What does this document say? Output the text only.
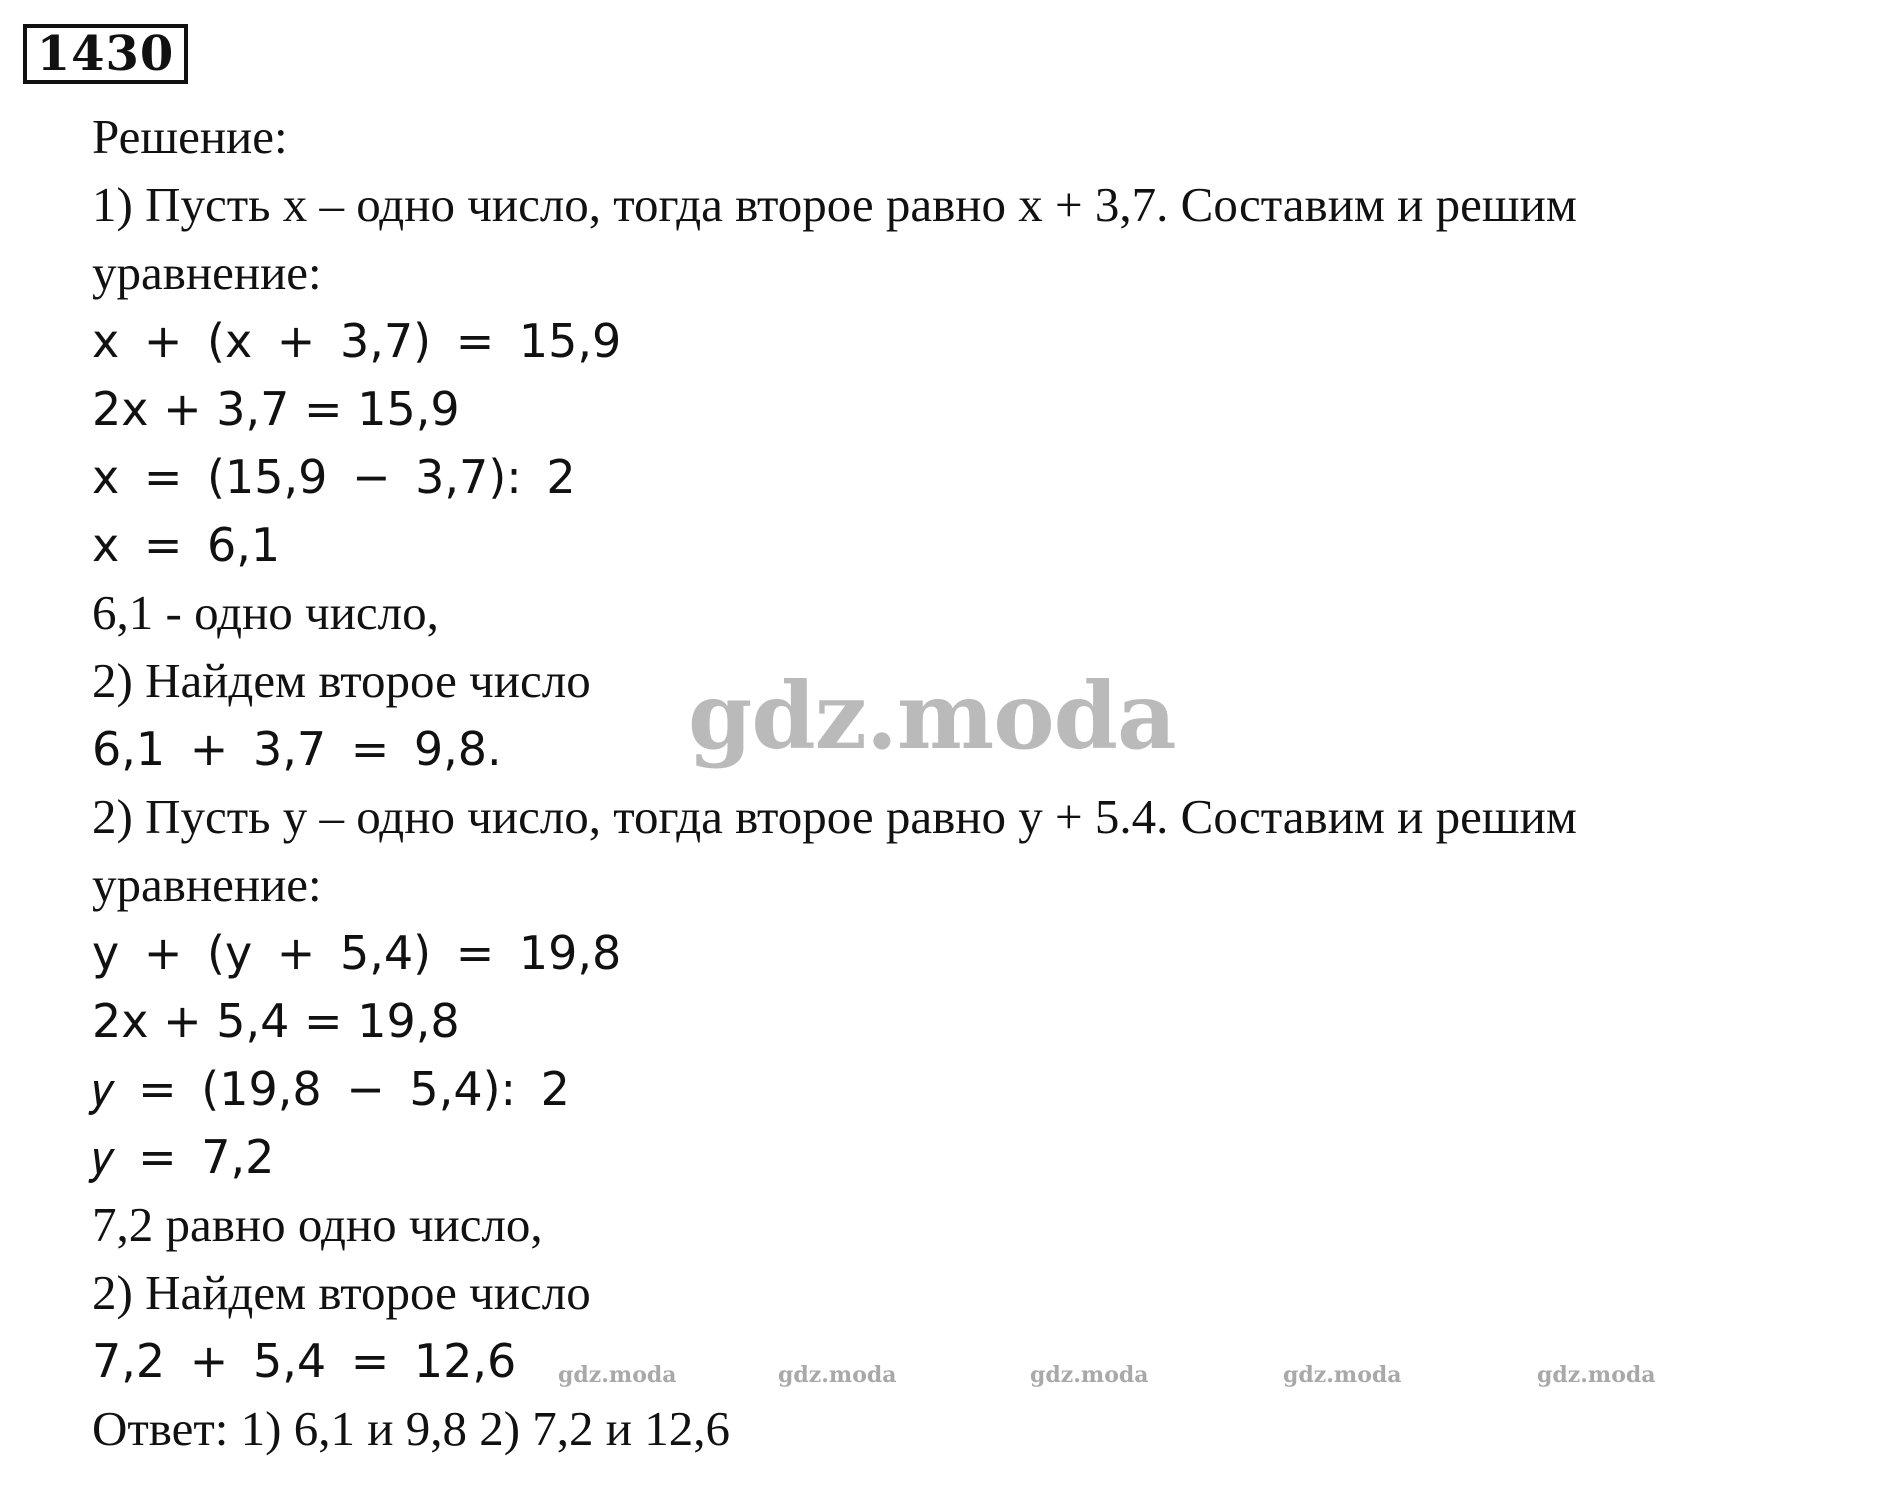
1430
Решение:
1) Пусть х – одно число, тогда второе равно х + 3,7. Составим и решим
уравнение:
x + (x + 3,7) = 15,9
2x + 3,7 = 15,9
x = (15,9 − 3,7): 2
x = 6,1
6,1 - одно число,
2) Найдем второе число
6,1 + 3,7 = 9,8.
2) Пусть у – одно число, тогда второе равно у + 5.4. Составим и решим
уравнение:
y + (y + 5,4) = 19,8
2x + 5,4 = 19,8
𝑦 = (19,8 − 5,4): 2
𝑦 = 7,2
7,2 равно одно число,
2) Найдем второе число
7,2 + 5,4 = 12,6
Ответ: 1) 6,1 и 9,8 2) 7,2 и 12,6
gdz.moda
gdz.moda	gdz.moda	gdz.moda	gdz.moda	gdz.moda
